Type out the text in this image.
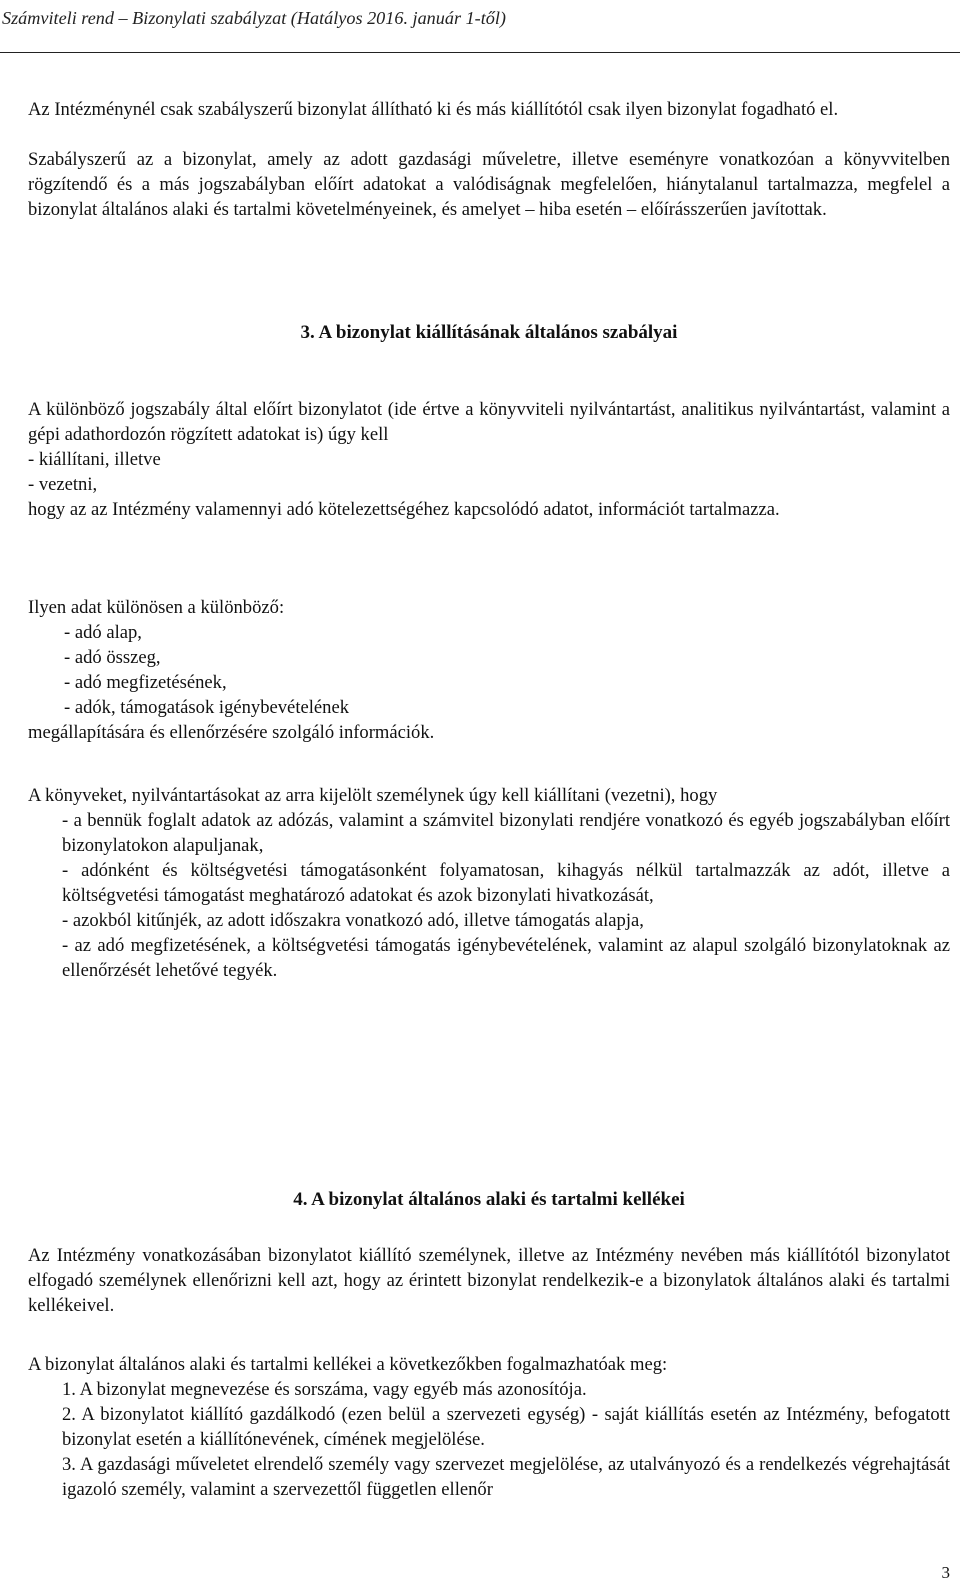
Számviteli rend – Bizonylati szabályzat (Hatályos 2016. január 1-től)

Az Intézménynél csak szabályszerű bizonylat állítható ki és más kiállítótól csak ilyen bizonylat fogadható el.

Szabályszerű az a bizonylat, amely az adott gazdasági műveletre, illetve eseményre vonatkozóan a könyvvitelben rögzítendő és a más jogszabályban előírt adatokat a valódiságnak megfelelően, hiánytalanul tartalmazza, megfelel a bizonylat általános alaki és tartalmi követelményeinek, és amelyet – hiba esetén – előírásszerűen javítottak.

3. A bizonylat kiállításának általános szabályai

A különböző jogszabály által előírt bizonylatot (ide értve a könyvviteli nyilvántartást, analitikus nyilvántartást, valamint a gépi adathordozón rögzített adatokat is) úgy kell

- kiállítani, illetve

- vezetni,

hogy az az Intézmény valamennyi adó kötelezettségéhez kapcsolódó adatot, információt tartalmazza.

Ilyen adat különösen a különböző:

- adó alap,

- adó összeg,

- adó megfizetésének,

- adók, támogatások igénybevételének

megállapítására és ellenőrzésére szolgáló információk.

A könyveket, nyilvántartásokat az arra kijelölt személynek úgy kell kiállítani (vezetni), hogy

- a bennük foglalt adatok az adózás, valamint a számvitel bizonylati rendjére vonatkozó és egyéb jogszabályban előírt bizonylatokon alapuljanak,

- adónként és költségvetési támogatásonként folyamatosan, kihagyás nélkül tartalmazzák az adót, illetve a költségvetési támogatást meghatározó adatokat és azok bizonylati hivatkozását,

- azokból kitűnjék, az adott időszakra vonatkozó adó, illetve támogatás alapja,

- az adó megfizetésének, a költségvetési támogatás igénybevételének, valamint az alapul szolgáló bizonylatoknak az ellenőrzését lehetővé tegyék.

4. A bizonylat általános alaki és tartalmi kellékei

Az Intézmény vonatkozásában bizonylatot kiállító személynek, illetve az Intézmény nevében más kiállítótól bizonylatot elfogadó személynek ellenőrizni kell azt, hogy az érintett bizonylat rendelkezik-e a bizonylatok általános alaki és tartalmi kellékeivel.

A bizonylat általános alaki és tartalmi kellékei a következőkben fogalmazhatóak meg:

1. A bizonylat megnevezése és sorszáma, vagy egyéb más azonosítója.

2. A bizonylatot kiállító gazdálkodó (ezen belül a szervezeti egység) - saját kiállítás esetén az Intézmény, befogatott bizonylat esetén a kiállítónevének, címének megjelölése.

3. A gazdasági műveletet elrendelő személy vagy szervezet megjelölése, az utalványozó és a rendelkezés végrehajtását igazoló személy, valamint a szervezettől független ellenőr

3
